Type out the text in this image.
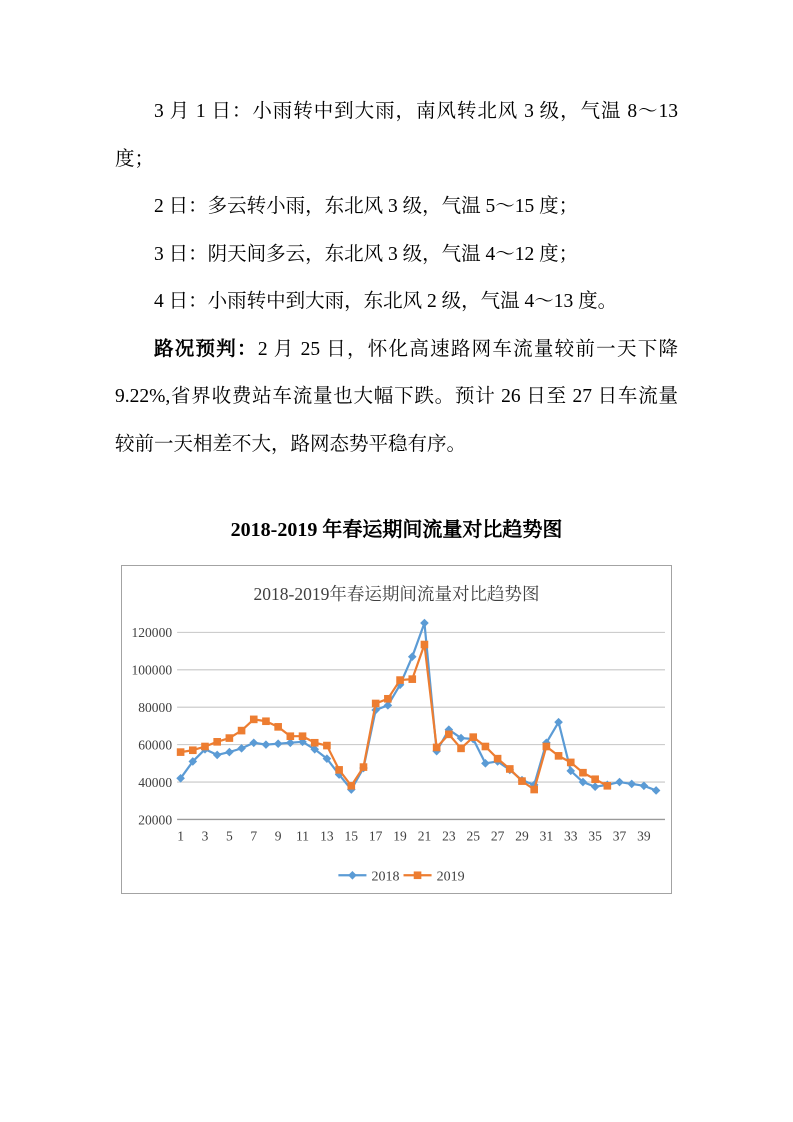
3 月 1 日：小雨转中到大雨，南风转北风 3 级，气温 8～13

度；

2 日：多云转小雨，东北风 3 级，气温 5～15 度；

3 日：阴天间多云，东北风 3 级，气温 4～12 度；

4 日：小雨转中到大雨，东北风 2 级，气温 4～13 度。

路况预判：2 月 25 日，怀化高速路网车流量较前一天下降

9.22%,省界收费站车流量也大幅下跌。预计 26 日至 27 日车流量

较前一天相差不大，路网态势平稳有序。

2018-2019 年春运期间流量对比趋势图
20000
40000
60000
80000
100000
120000
1 3 5 7 9 11 13 15 17 19 21 23 25 27 29 31 33 35 37 39
2018-2019年春运期间流量对比趋势图
2018	2019
